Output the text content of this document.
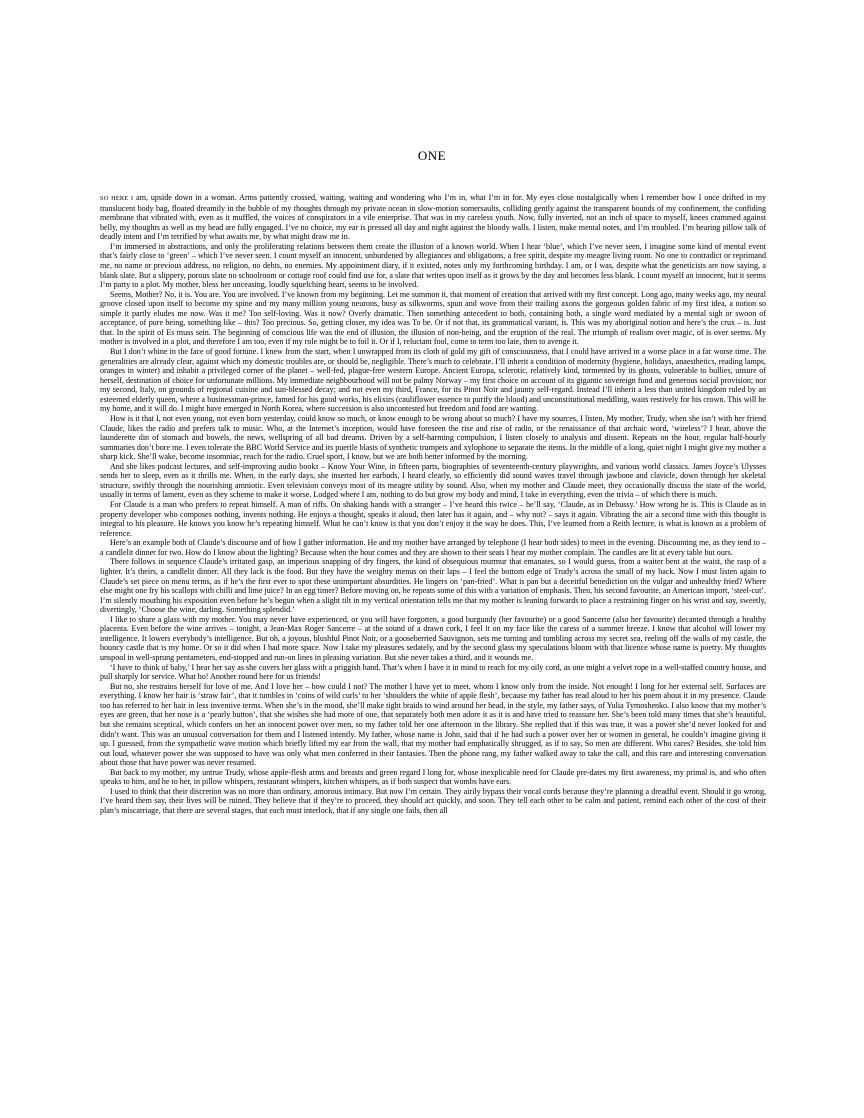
ONE

SO HERE I am, upside down in a woman. Arms patiently crossed, waiting, waiting and wondering who I’m in, what I’m in for. My eyes close nostalgically when I remember how I once drifted in my translucent body bag, floated dreamily in the bubble of my thoughts through my private ocean in slow-motion somersaults, colliding gently against the transparent bounds of my confinement, the confiding membrane that vibrated with, even as it muffled, the voices of conspirators in a vile enterprise. That was in my careless youth. Now, fully inverted, not an inch of space to myself, knees crammed against belly, my thoughts as well as my head are fully engaged. I’ve no choice, my ear is pressed all day and night against the bloody walls. I listen, make mental notes, and I’m troubled. I’m hearing pillow talk of deadly intent and I’m terrified by what awaits me, by what might draw me in.

I’m immersed in abstractions, and only the proliferating relations between them create the illusion of a known world. When I hear ‘blue’, which I’ve never seen, I imagine some kind of mental event that’s fairly close to ‘green’ – which I’ve never seen. I count myself an innocent, unburdened by allegiances and obligations, a free spirit, despite my meagre living room. No one to contradict or reprimand me, no name or previous address, no religion, no debts, no enemies. My appointment diary, if it existed, notes only my forthcoming birthday. I am, or I was, despite what the geneticists are now saying, a blank slate. But a slippery, porous slate no schoolroom or cottage roof could find use for, a slate that writes upon itself as it grows by the day and becomes less blank. I count myself an innocent, but it seems I’m party to a plot. My mother, bless her unceasing, loudly squelching heart, seems to be involved.

Seems, Mother? No, it is. You are. You are involved. I’ve known from my beginning. Let me summon it, that moment of creation that arrived with my first concept. Long ago, many weeks ago, my neural groove closed upon itself to become my spine and my many million young neurons, busy as silkworms, spun and wove from their trailing axons the gorgeous golden fabric of my first idea, a notion so simple it partly eludes me now. Was it me? Too self-loving. Was it now? Overly dramatic. Then something antecedent to both, containing both, a single word mediated by a mental sigh or swoon of acceptance, of pure being, something like – this? Too precious. So, getting closer, my idea was To be. Or if not that, its grammatical variant, is. This was my aboriginal notion and here’s the crux – is. Just that. In the spirit of Es muss sein. The beginning of conscious life was the end of illusion, the illusion of non-being, and the eruption of the real. The triumph of realism over magic, of is over seems. My mother is involved in a plot, and therefore I am too, even if my role might be to foil it. Or if I, reluctant fool, come to term too late, then to avenge it.

But I don’t whine in the face of good fortune. I knew from the start, when I unwrapped from its cloth of gold my gift of consciousness, that I could have arrived in a worse place in a far worse time. The generalities are already clear, against which my domestic troubles are, or should be, negligible. There’s much to celebrate. I’ll inherit a condition of modernity (hygiene, holidays, anaesthetics, reading lamps, oranges in winter) and inhabit a privileged corner of the planet – well-fed, plague-free western Europe. Ancient Europa, sclerotic, relatively kind, tormented by its ghosts, vulnerable to bullies, unsure of herself, destination of choice for unfortunate millions. My immediate neighbourhood will not be palmy Norway – my first choice on account of its gigantic sovereign fund and generous social provision; nor my second, Italy, on grounds of regional cuisine and sun-blessed decay; and not even my third, France, for its Pinot Noir and jaunty self-regard. Instead I’ll inherit a less than united kingdom ruled by an esteemed elderly queen, where a businessman-prince, famed for his good works, his elixirs (cauliflower essence to purify the blood) and unconstitutional meddling, waits restively for his crown. This will be my home, and it will do. I might have emerged in North Korea, where succession is also uncontested but freedom and food are wanting.

How is it that I, not even young, not even born yesterday, could know so much, or know enough to be wrong about so much? I have my sources, I listen. My mother, Trudy, when she isn’t with her friend Claude, likes the radio and prefers talk to music. Who, at the Internet’s inception, would have foreseen the rise and rise of radio, or the renaissance of that archaic word, ‘wireless’? I hear, above the launderette din of stomach and bowels, the news, wellspring of all bad dreams. Driven by a self-harming compulsion, I listen closely to analysis and dissent. Repeats on the hour, regular half-hourly summaries don’t bore me. I even tolerate the BBC World Service and its puerile blasts of synthetic trumpets and xylophone to separate the items. In the middle of a long, quiet night I might give my mother a sharp kick. She’ll wake, become insomniac, reach for the radio. Cruel sport, I know, but we are both better informed by the morning.

And she likes podcast lectures, and self-improving audio books – Know Your Wine, in fifteen parts, biographies of seventeenth-century playwrights, and various world classics. James Joyce’s Ulysses sends her to sleep, even as it thrills me. When, in the early days, she inserted her earbuds, I heard clearly, so efficiently did sound waves travel through jawbone and clavicle, down through her skeletal structure, swiftly through the nourishing amniotic. Even television conveys most of its meagre utility by sound. Also, when my mother and Claude meet, they occasionally discuss the state of the world, usually in terms of lament, even as they scheme to make it worse. Lodged where I am, nothing to do but grow my body and mind, I take in everything, even the trivia – of which there is much.

For Claude is a man who prefers to repeat himself. A man of riffs. On shaking hands with a stranger – I’ve heard this twice – he’ll say, ‘Claude, as in Debussy.’ How wrong he is. This is Claude as in property developer who composes nothing, invents nothing. He enjoys a thought, speaks it aloud, then later has it again, and – why not? – says it again. Vibrating the air a second time with this thought is integral to his pleasure. He knows you know he’s repeating himself. What he can’t know is that you don’t enjoy it the way he does. This, I’ve learned from a Reith lecture, is what is known as a problem of reference.

Here’s an example both of Claude’s discourse and of how I gather information. He and my mother have arranged by telephone (I hear both sides) to meet in the evening. Discounting me, as they tend to – a candlelit dinner for two. How do I know about the lighting? Because when the hour comes and they are shown to their seats I hear my mother complain. The candles are lit at every table but ours.

There follows in sequence Claude’s irritated gasp, an imperious snapping of dry fingers, the kind of obsequious murmur that emanates, so I would guess, from a waiter bent at the waist, the rasp of a lighter. It’s theirs, a candlelit dinner. All they lack is the food. But they have the weighty menus on their laps – I feel the bottom edge of Trudy’s across the small of my back. Now I must listen again to Claude’s set piece on menu terms, as if he’s the first ever to spot these unimportant absurdities. He lingers on ‘pan-fried’. What is pan but a deceitful benediction on the vulgar and unhealthy fried? Where else might one fry his scallops with chilli and lime juice? In an egg timer? Before moving on, he repeats some of this with a variation of emphasis. Then, his second favourite, an American import, ‘steel-cut’. I’m silently mouthing his exposition even before he’s begun when a slight tilt in my vertical orientation tells me that my mother is leaning forwards to place a restraining finger on his wrist and say, sweetly, divertingly, ‘Choose the wine, darling. Something splendid.’

I like to share a glass with my mother. You may never have experienced, or you will have forgotten, a good burgundy (her favourite) or a good Sancerre (also her favourite) decanted through a healthy placenta. Even before the wine arrives – tonight, a Jean-Max Roger Sancerre – at the sound of a drawn cork, I feel it on my face like the caress of a summer breeze. I know that alcohol will lower my intelligence. It lowers everybody’s intelligence. But oh, a joyous, blushful Pinot Noir, or a gooseberried Sauvignon, sets me turning and tumbling across my secret sea, reeling off the walls of my castle, the bouncy castle that is my home. Or so it did when I had more space. Now I take my pleasures sedately, and by the second glass my speculations bloom with that licence whose name is poetry. My thoughts unspool in well-sprung pentameters, end-stopped and run-on lines in pleasing variation. But she never takes a third, and it wounds me.

‘I have to think of baby,’ I hear her say as she covers her glass with a priggish hand. That’s when I have it in mind to reach for my oily cord, as one might a velvet rope in a well-staffed country house, and pull sharply for service. What ho! Another round here for us friends!

But no, she restrains herself for love of me. And I love her – how could I not? The mother I have yet to meet, whom I know only from the inside. Not enough! I long for her external self. Surfaces are everything. I know her hair is ‘straw fair’, that it tumbles in ‘coins of wild curls’ to her ‘shoulders the white of apple flesh’, because my father has read aloud to her his poem about it in my presence. Claude too has referred to her hair in less inventive terms. When she’s in the mood, she’ll make tight braids to wind around her head, in the style, my father says, of Yulia Tymoshenko. I also know that my mother’s eyes are green, that her nose is a ‘pearly button’, that she wishes she had more of one, that separately both men adore it as it is and have tried to reassure her. She’s been told many times that she’s beautiful, but she remains sceptical, which confers on her an innocent power over men, so my father told her one afternoon in the library. She replied that if this was true, it was a power she’d never looked for and didn’t want. This was an unusual conversation for them and I listened intently. My father, whose name is John, said that if he had such a power over her or women in general, he couldn’t imagine giving it up. I guessed, from the sympathetic wave motion which briefly lifted my ear from the wall, that my mother had emphatically shrugged, as if to say, So men are different. Who cares? Besides, she told him out loud, whatever power she was supposed to have was only what men conferred in their fantasies. Then the phone rang, my father walked away to take the call, and this rare and interesting conversation about those that have power was never resumed.

But back to my mother, my untrue Trudy, whose apple-flesh arms and breasts and green regard I long for, whose inexplicable need for Claude pre-dates my first awareness, my primal is, and who often speaks to him, and he to her, in pillow whispers, restaurant whispers, kitchen whispers, as if both suspect that wombs have ears.

I used to think that their discretion was no more than ordinary, amorous intimacy. But now I’m certain. They airily bypass their vocal cords because they’re planning a dreadful event. Should it go wrong, I’ve heard them say, their lives will be ruined. They believe that if they’re to proceed, they should act quickly, and soon. They tell each other to be calm and patient, remind each other of the cost of their plan’s miscarriage, that there are several stages, that each must interlock, that if any single one fails, then all
